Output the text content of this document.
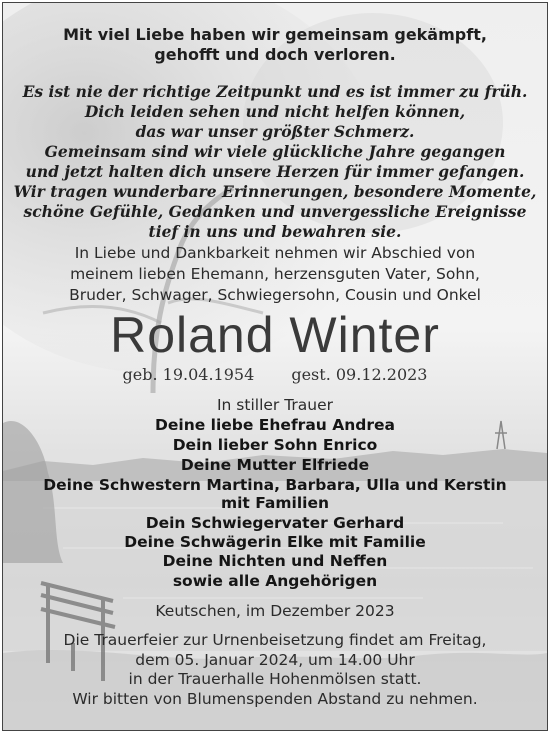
Mit viel Liebe haben wir gemeinsam gekämpft,
gehofft und doch verloren.
Es ist nie der richtige Zeitpunkt und es ist immer zu früh.
Dich leiden sehen und nicht helfen können,
das war unser größter Schmerz.
Gemeinsam sind wir viele glückliche Jahre gegangen
und jetzt halten dich unsere Herzen für immer gefangen.
Wir tragen wunderbare Erinnerungen, besondere Momente,
schöne Gefühle, Gedanken und unvergessliche Ereignisse
tief in uns und bewahren sie.
In Liebe und Dankbarkeit nehmen wir Abschied von
meinem lieben Ehemann, herzensguten Vater, Sohn,
Bruder, Schwager, Schwiegersohn, Cousin und Onkel
Roland Winter
geb. 19.04.1954 gest. 09.12.2023
In stiller Trauer
Deine liebe Ehefrau Andrea
Dein lieber Sohn Enrico
Deine Mutter Elfriede
Deine Schwestern Martina, Barbara, Ulla und Kerstin
mit Familien
Dein Schwiegervater Gerhard
Deine Schwägerin Elke mit Familie
Deine Nichten und Neffen
sowie alle Angehörigen
Keutschen, im Dezember 2023
Die Trauerfeier zur Urnenbeisetzung findet am Freitag,
dem 05. Januar 2024, um 14.00 Uhr
in der Trauerhalle Hohenmölsen statt.
Wir bitten von Blumenspenden Abstand zu nehmen.
